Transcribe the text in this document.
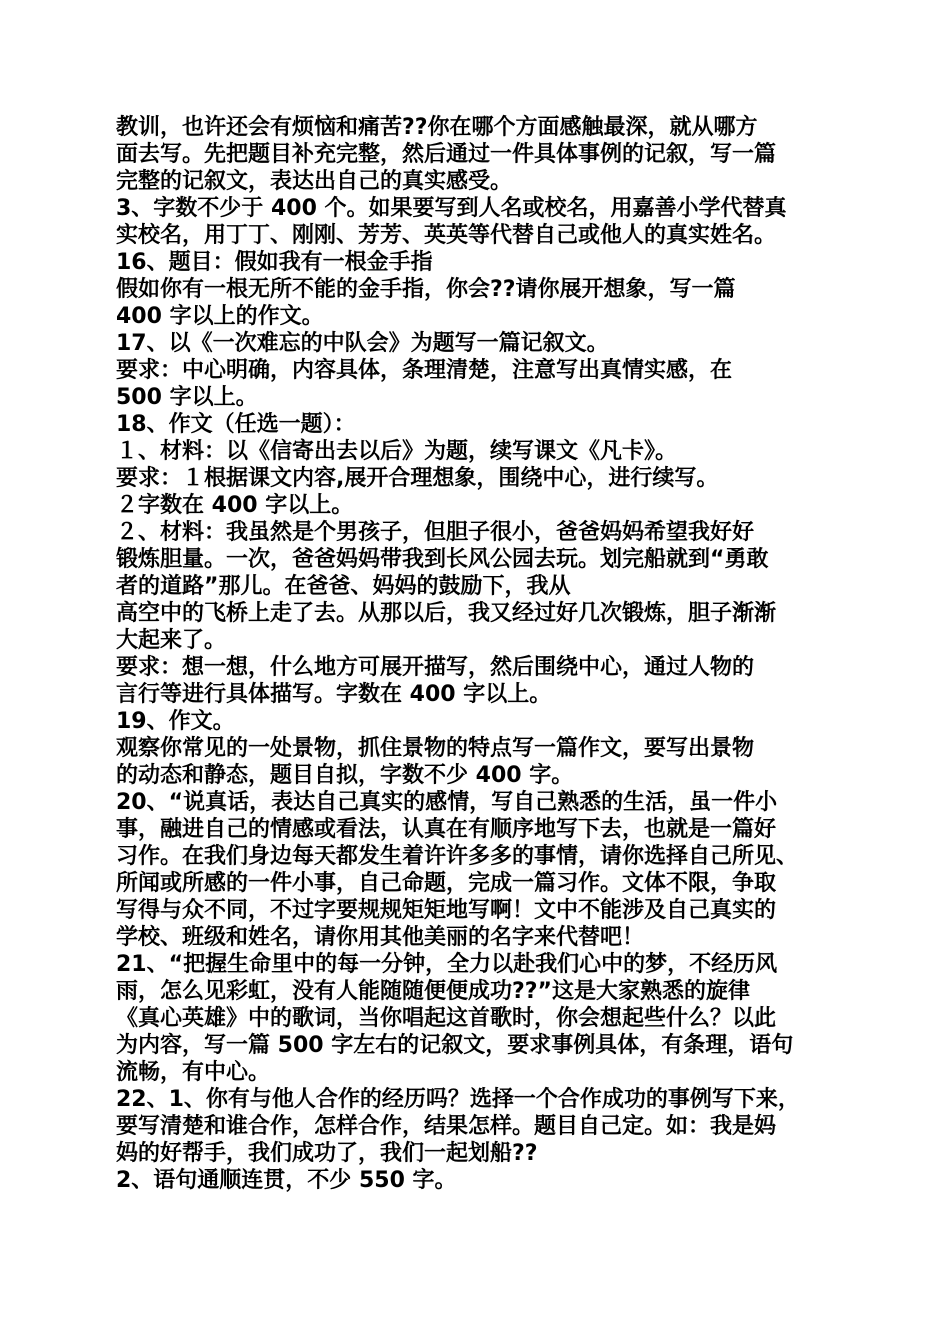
教训，也许还会有烦恼和痛苦??你在哪个方面感触最深，就从哪方
面去写。先把题目补充完整，然后通过一件具体事例的记叙，写一篇
完整的记叙文，表达出自己的真实感受。
3、字数不少于 400 个。如果要写到人名或校名，用嘉善小学代替真
实校名，用丁丁、刚刚、芳芳、英英等代替自己或他人的真实姓名。
16、题目：假如我有一根金手指
假如你有一根无所不能的金手指，你会??请你展开想象，写一篇
400 字以上的作文。
17、以《一次难忘的中队会》为题写一篇记叙文。
要求：中心明确，内容具体，条理清楚，注意写出真情实感，在
500 字以上。
18、作文（任选一题）：
１、材料：以《信寄出去以后》为题，续写课文《凡卡》。
要求：１根据课文内容,展开合理想象，围绕中心，进行续写。
２字数在 400 字以上。
２、材料：我虽然是个男孩子，但胆子很小，爸爸妈妈希望我好好
锻炼胆量。一次，爸爸妈妈带我到长风公园去玩。划完船就到“勇敢
者的道路”那儿。在爸爸、妈妈的鼓励下，我从
高空中的飞桥上走了去。从那以后，我又经过好几次锻炼，胆子渐渐
大起来了。
要求：想一想，什么地方可展开描写，然后围绕中心，通过人物的
言行等进行具体描写。字数在 400 字以上。
19、作文。
观察你常见的一处景物，抓住景物的特点写一篇作文，要写出景物
的动态和静态，题目自拟，字数不少 400 字。
20、“说真话，表达自己真实的感情，写自己熟悉的生活，虽一件小
事，融进自己的情感或看法，认真在有顺序地写下去，也就是一篇好
习作。在我们身边每天都发生着许许多多的事情，请你选择自己所见、
所闻或所感的一件小事，自己命题，完成一篇习作。文体不限，争取
写得与众不同，不过字要规规矩矩地写啊！文中不能涉及自己真实的
学校、班级和姓名，请你用其他美丽的名字来代替吧！
21、“把握生命里中的每一分钟，全力以赴我们心中的梦，不经历风
雨，怎么见彩虹，没有人能随随便便成功??”这是大家熟悉的旋律
《真心英雄》中的歌词，当你唱起这首歌时，你会想起些什么？以此
为内容，写一篇 500 字左右的记叙文，要求事例具体，有条理，语句
流畅，有中心。
22、1、你有与他人合作的经历吗？选择一个合作成功的事例写下来，
要写清楚和谁合作，怎样合作，结果怎样。题目自己定。如：我是妈
妈的好帮手，我们成功了，我们一起划船??
2、语句通顺连贯，不少 550 字。
